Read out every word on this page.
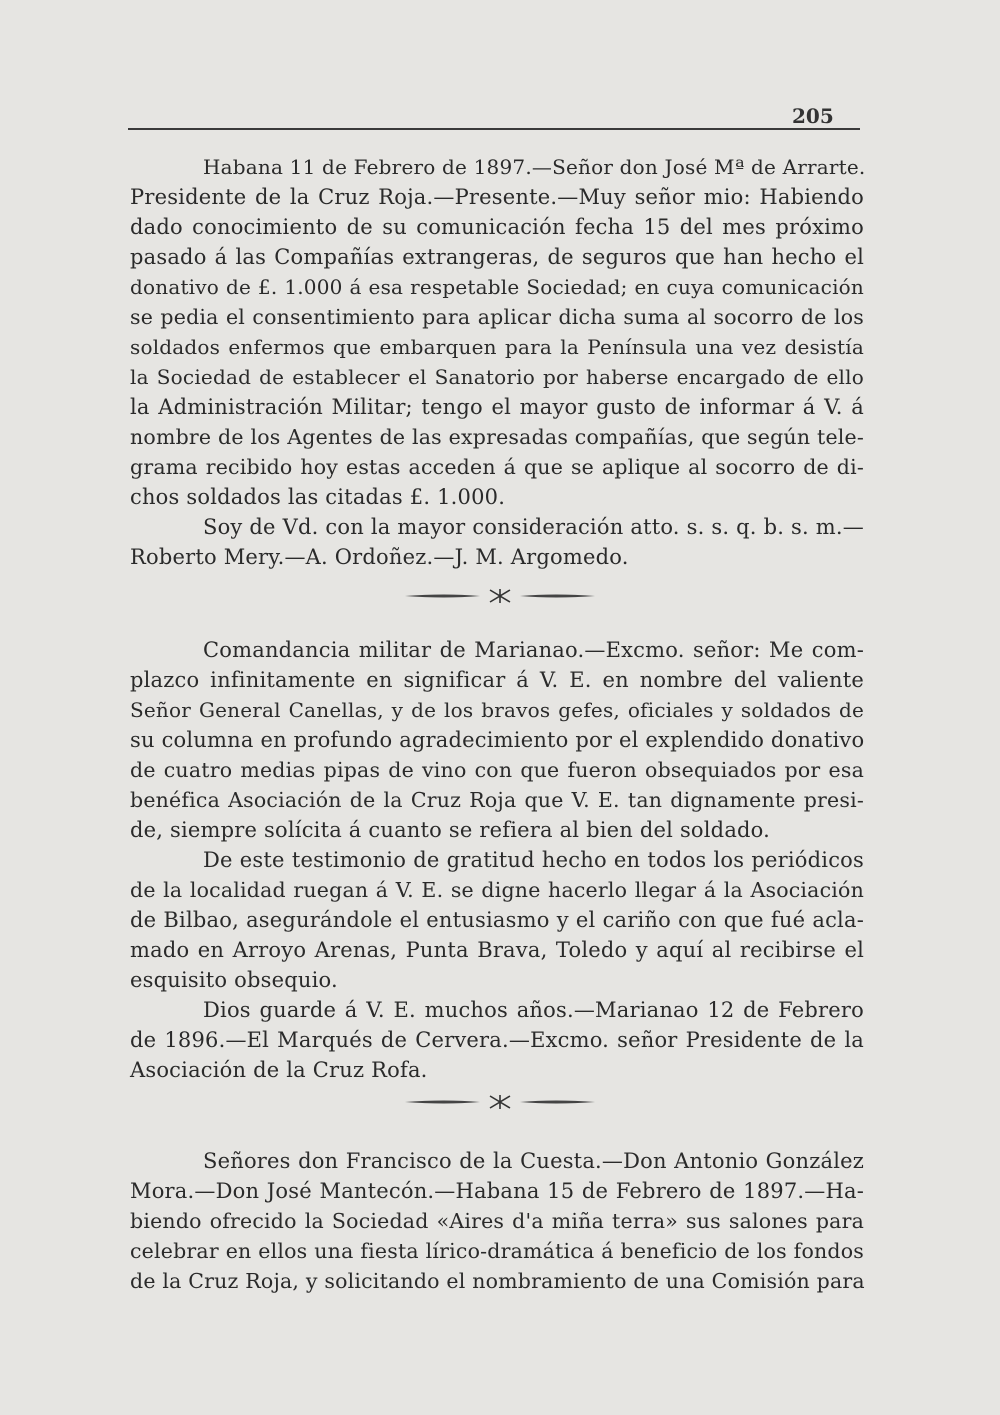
205
Habana 11 de Febrero de 1897.—Señor don José Mª de Arrarte.
Presidente de la Cruz Roja.—Presente.—Muy señor mio: Habiendo
dado conocimiento de su comunicación fecha 15 del mes próximo
pasado á las Compañías extrangeras, de seguros que han hecho el
donativo de £. 1.000 á esa respetable Sociedad; en cuya comunicación
se pedia el consentimiento para aplicar dicha suma al socorro de los
soldados enfermos que embarquen para la Península una vez desistía
la Sociedad de establecer el Sanatorio por haberse encargado de ello
la Administración Militar; tengo el mayor gusto de informar á V. á
nombre de los Agentes de las expresadas compañías, que según tele-
grama recibido hoy estas acceden á que se aplique al socorro de di-
chos soldados las citadas £. 1.000.
Soy de Vd. con la mayor consideración atto. s. s. q. b. s. m.—
Roberto Mery.—A. Ordoñez.—J. M. Argomedo.
Comandancia militar de Marianao.—Excmo. señor: Me com-
plazco infinitamente en significar á V. E. en nombre del valiente
Señor General Canellas, y de los bravos gefes, oficiales y soldados de
su columna en profundo agradecimiento por el explendido donativo
de cuatro medias pipas de vino con que fueron obsequiados por esa
benéfica Asociación de la Cruz Roja que V. E. tan dignamente presi-
de, siempre solícita á cuanto se refiera al bien del soldado.
De este testimonio de gratitud hecho en todos los periódicos
de la localidad ruegan á V. E. se digne hacerlo llegar á la Asociación
de Bilbao, asegurándole el entusiasmo y el cariño con que fué acla-
mado en Arroyo Arenas, Punta Brava, Toledo y aquí al recibirse el
esquisito obsequio.
Dios guarde á V. E. muchos años.—Marianao 12 de Febrero
de 1896.—El Marqués de Cervera.—Excmo. señor Presidente de la
Asociación de la Cruz Rofa.
Señores don Francisco de la Cuesta.—Don Antonio González
Mora.—Don José Mantecón.—Habana 15 de Febrero de 1897.—Ha-
biendo ofrecido la Sociedad «Aires d'a miña terra» sus salones para
celebrar en ellos una fiesta lírico-dramática á beneficio de los fondos
de la Cruz Roja, y solicitando el nombramiento de una Comisión para
